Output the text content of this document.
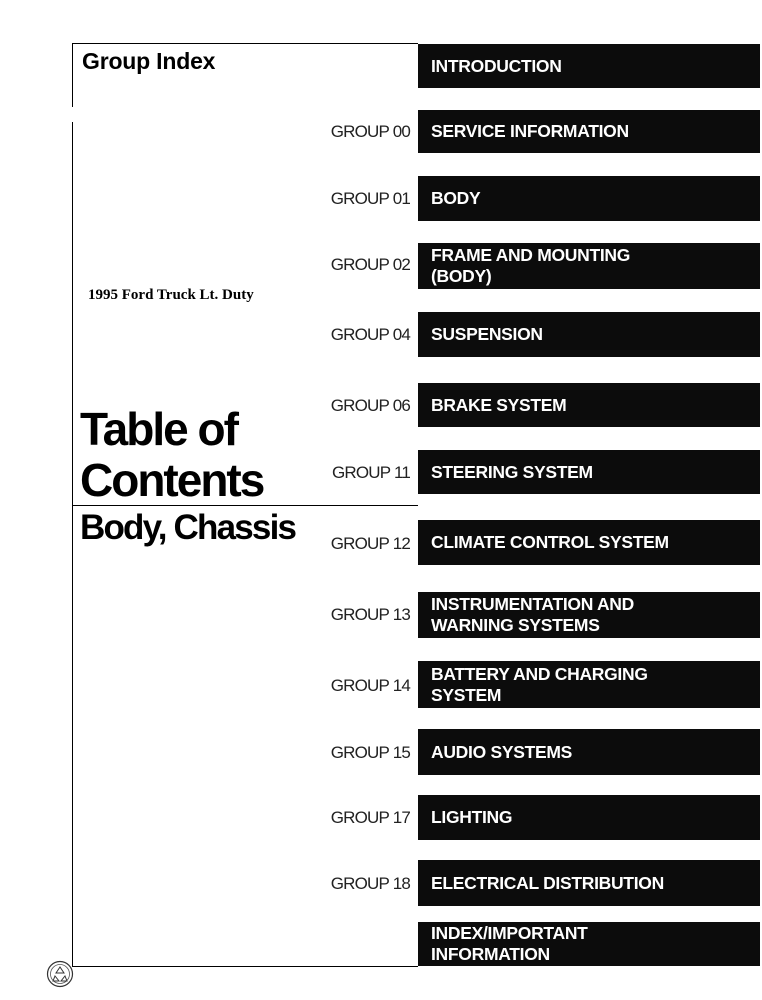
Group Index
1995 Ford Truck Lt. Duty
Table of
Contents
Body, Chassis
INTRODUCTION
GROUP 00 SERVICE INFORMATION
GROUP 01 BODY
GROUP 02 FRAME AND MOUNTING
(BODY)
GROUP 04 SUSPENSION
GROUP 06 BRAKE SYSTEM
GROUP 11 STEERING SYSTEM
GROUP 12 CLIMATE CONTROL SYSTEM
GROUP 13
INSTRUMENTATION AND
WARNING SYSTEMS
GROUP 14
BATTERY AND CHARGING
SYSTEM
GROUP 15 AUDIO SYSTEMS
GROUP 17 LIGHTING
GROUP 18 ELECTRICAL DISTRIBUTION
INDEX/IMPORTANT
INFORMATION
